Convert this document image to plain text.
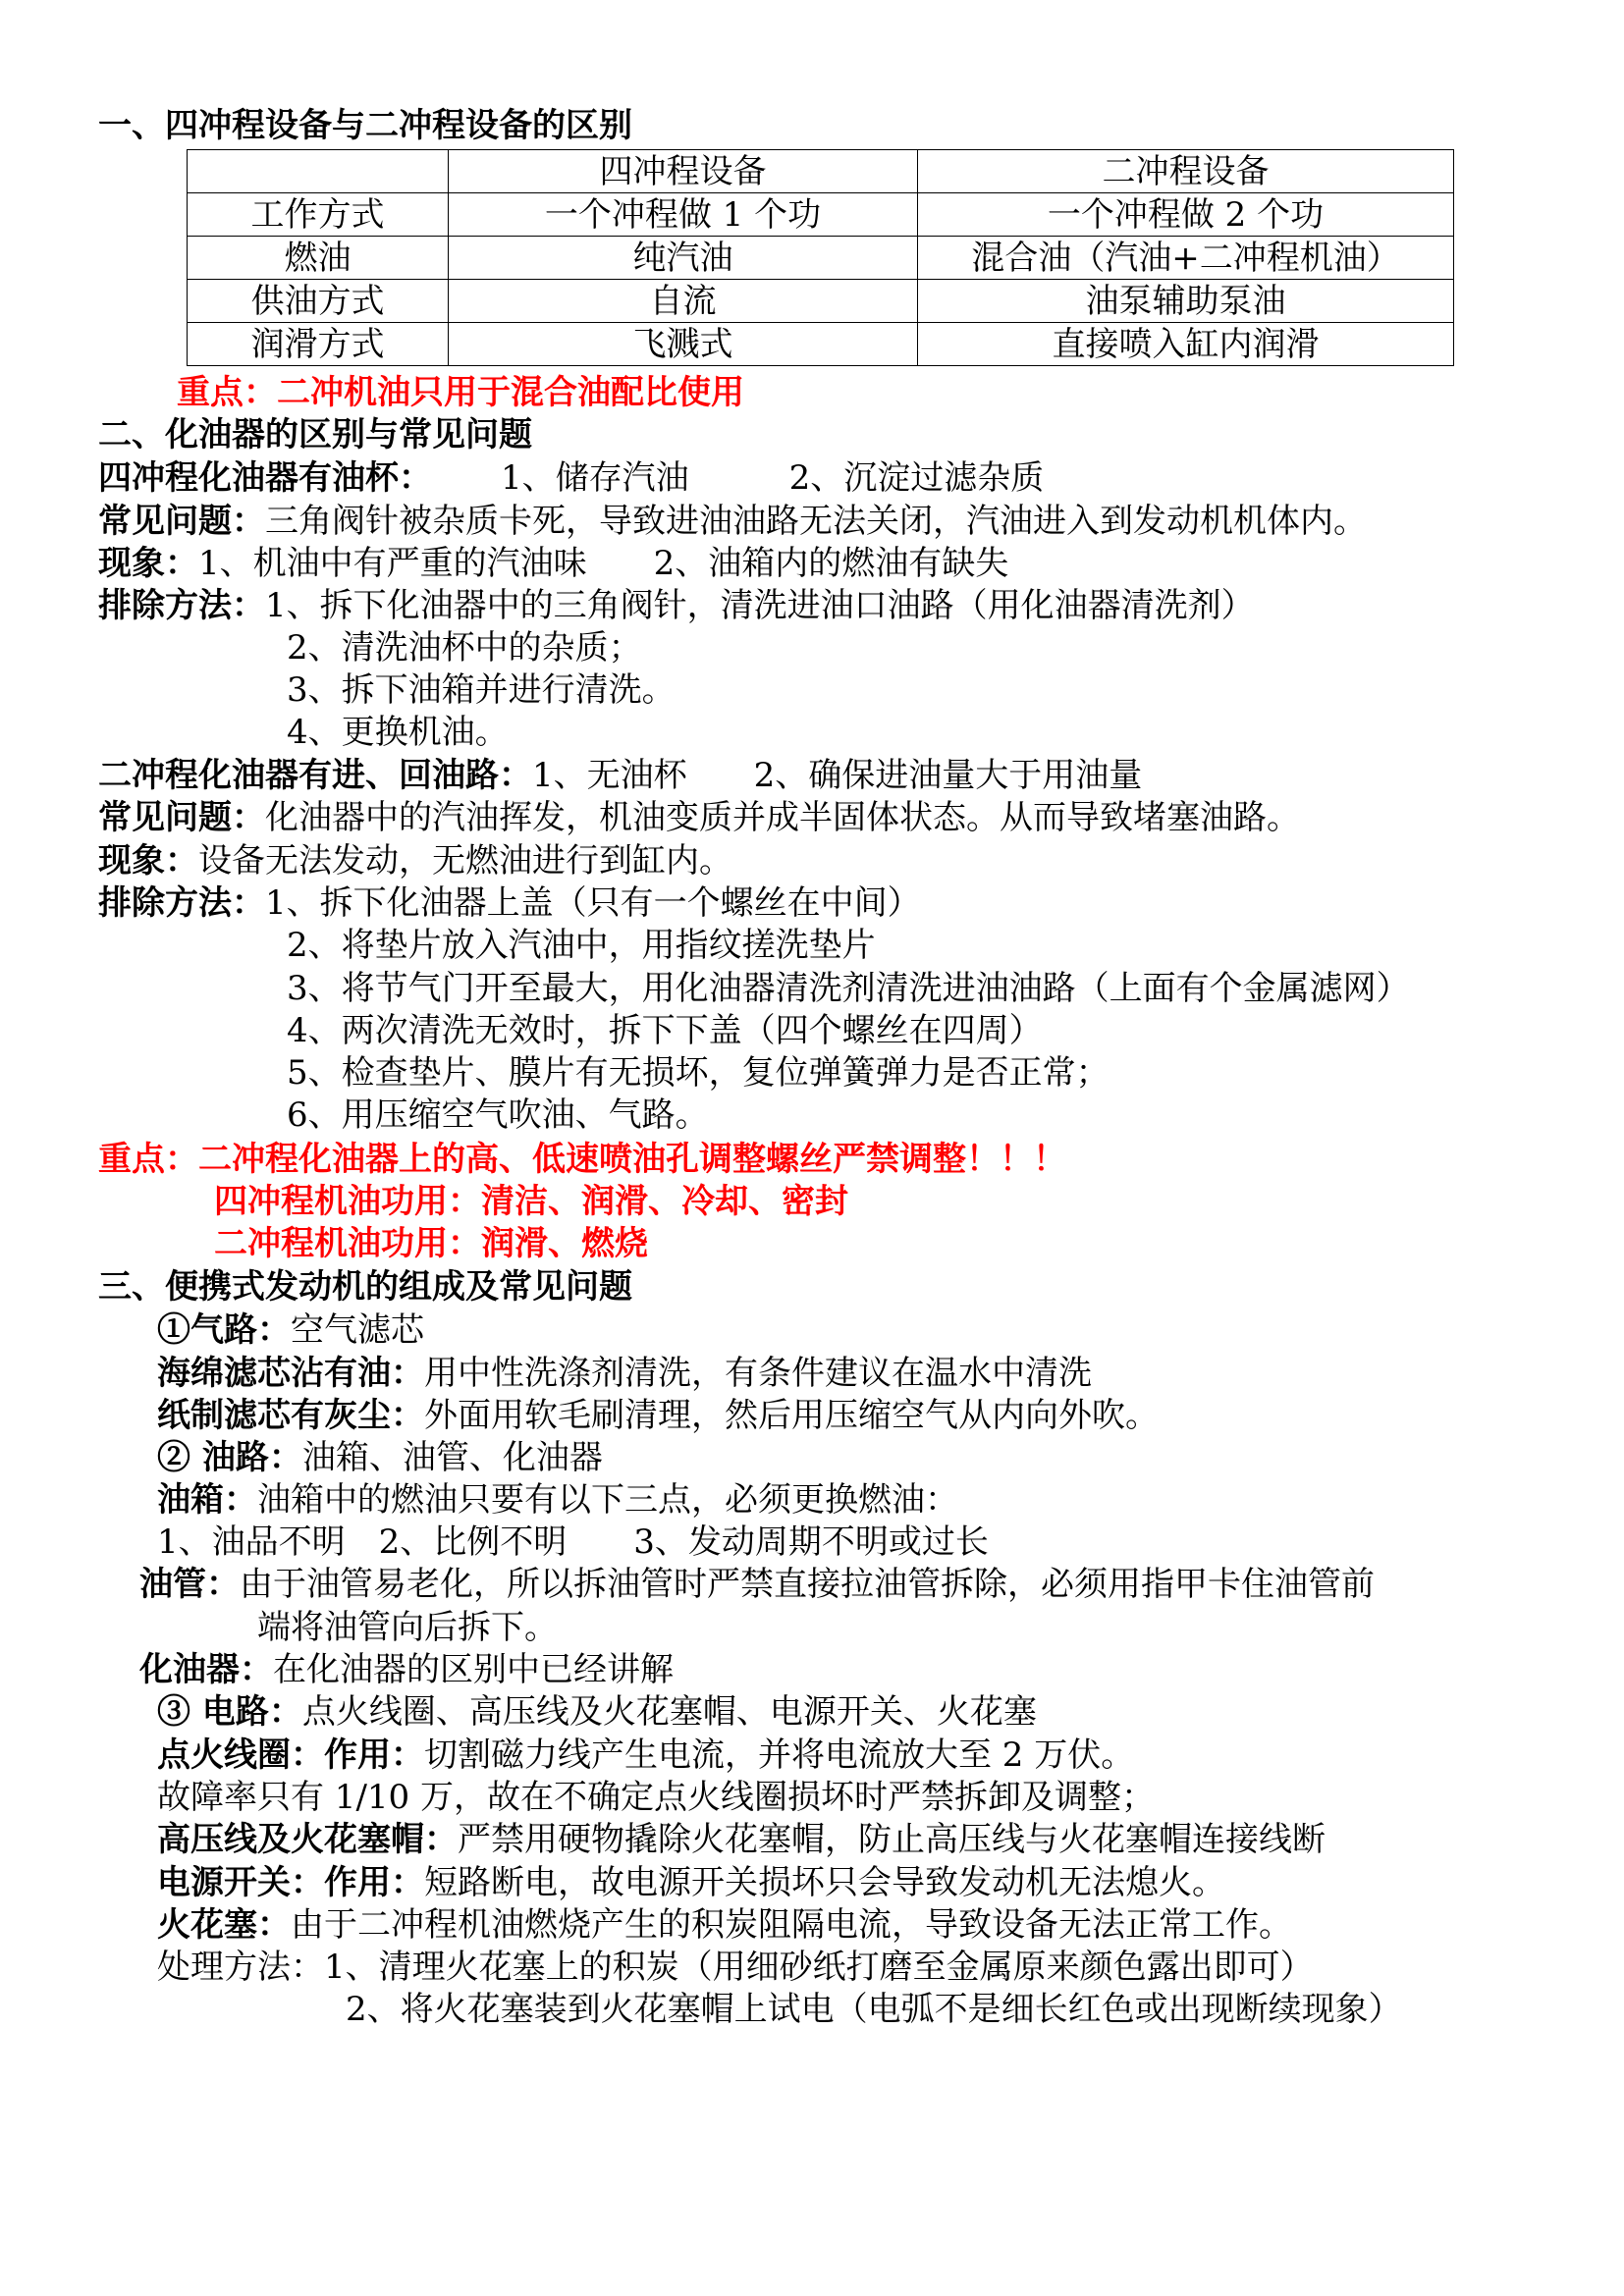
一、四冲程设备与二冲程设备的区别
	四冲程设备	二冲程设备
工作方式	一个冲程做 1 个功	一个冲程做 2 个功
燃油	纯汽油	混合油（汽油+二冲程机油）
供油方式	自流	油泵辅助泵油
润滑方式	飞溅式	直接喷入缸内润滑
重点：二冲机油只用于混合油配比使用
二、化油器的区别与常见问题
四冲程化油器有油杯： 1、储存汽油　　　2、沉淀过滤杂质
常见问题：三角阀针被杂质卡死，导致进油油路无法关闭，汽油进入到发动机机体内。
现象：1、机油中有严重的汽油味　　2、油箱内的燃油有缺失
排除方法：1、拆下化油器中的三角阀针，清洗进油口油路（用化油器清洗剂）
2、清洗油杯中的杂质；
3、拆下油箱并进行清洗。
4、更换机油。
二冲程化油器有进、回油路：1、无油杯　　2、确保进油量大于用油量
常见问题：化油器中的汽油挥发，机油变质并成半固体状态。从而导致堵塞油路。
现象：设备无法发动，无燃油进行到缸内。
排除方法：1、拆下化油器上盖（只有一个螺丝在中间）
2、将垫片放入汽油中，用指纹搓洗垫片
3、将节气门开至最大，用化油器清洗剂清洗进油油路（上面有个金属滤网）
4、两次清洗无效时，拆下下盖（四个螺丝在四周）
5、检查垫片、膜片有无损坏，复位弹簧弹力是否正常；
6、用压缩空气吹油、气路。
重点：二冲程化油器上的高、低速喷油孔调整螺丝严禁调整！！！
四冲程机油功用：清洁、润滑、冷却、密封
二冲程机油功用：润滑、燃烧
三、便携式发动机的组成及常见问题
①气路：空气滤芯
海绵滤芯沾有油：用中性洗涤剂清洗，有条件建议在温水中清洗
纸制滤芯有灰尘：外面用软毛刷清理，然后用压缩空气从内向外吹。
② 油路：油箱、油管、化油器
油箱：油箱中的燃油只要有以下三点，必须更换燃油：
1、油品不明　2、比例不明　　3、发动周期不明或过长
油管：由于油管易老化，所以拆油管时严禁直接拉油管拆除，必须用指甲卡住油管前
端将油管向后拆下。
化油器：在化油器的区别中已经讲解
③ 电路：点火线圈、高压线及火花塞帽、电源开关、火花塞
点火线圈：作用：切割磁力线产生电流，并将电流放大至 2 万伏。
故障率只有 1/10 万，故在不确定点火线圈损坏时严禁拆卸及调整；
高压线及火花塞帽：严禁用硬物撬除火花塞帽，防止高压线与火花塞帽连接线断
电源开关：作用：短路断电，故电源开关损坏只会导致发动机无法熄火。
火花塞：由于二冲程机油燃烧产生的积炭阻隔电流，导致设备无法正常工作。
处理方法：1、清理火花塞上的积炭（用细砂纸打磨至金属原来颜色露出即可）
2、将火花塞装到火花塞帽上试电（电弧不是细长红色或出现断续现象）
